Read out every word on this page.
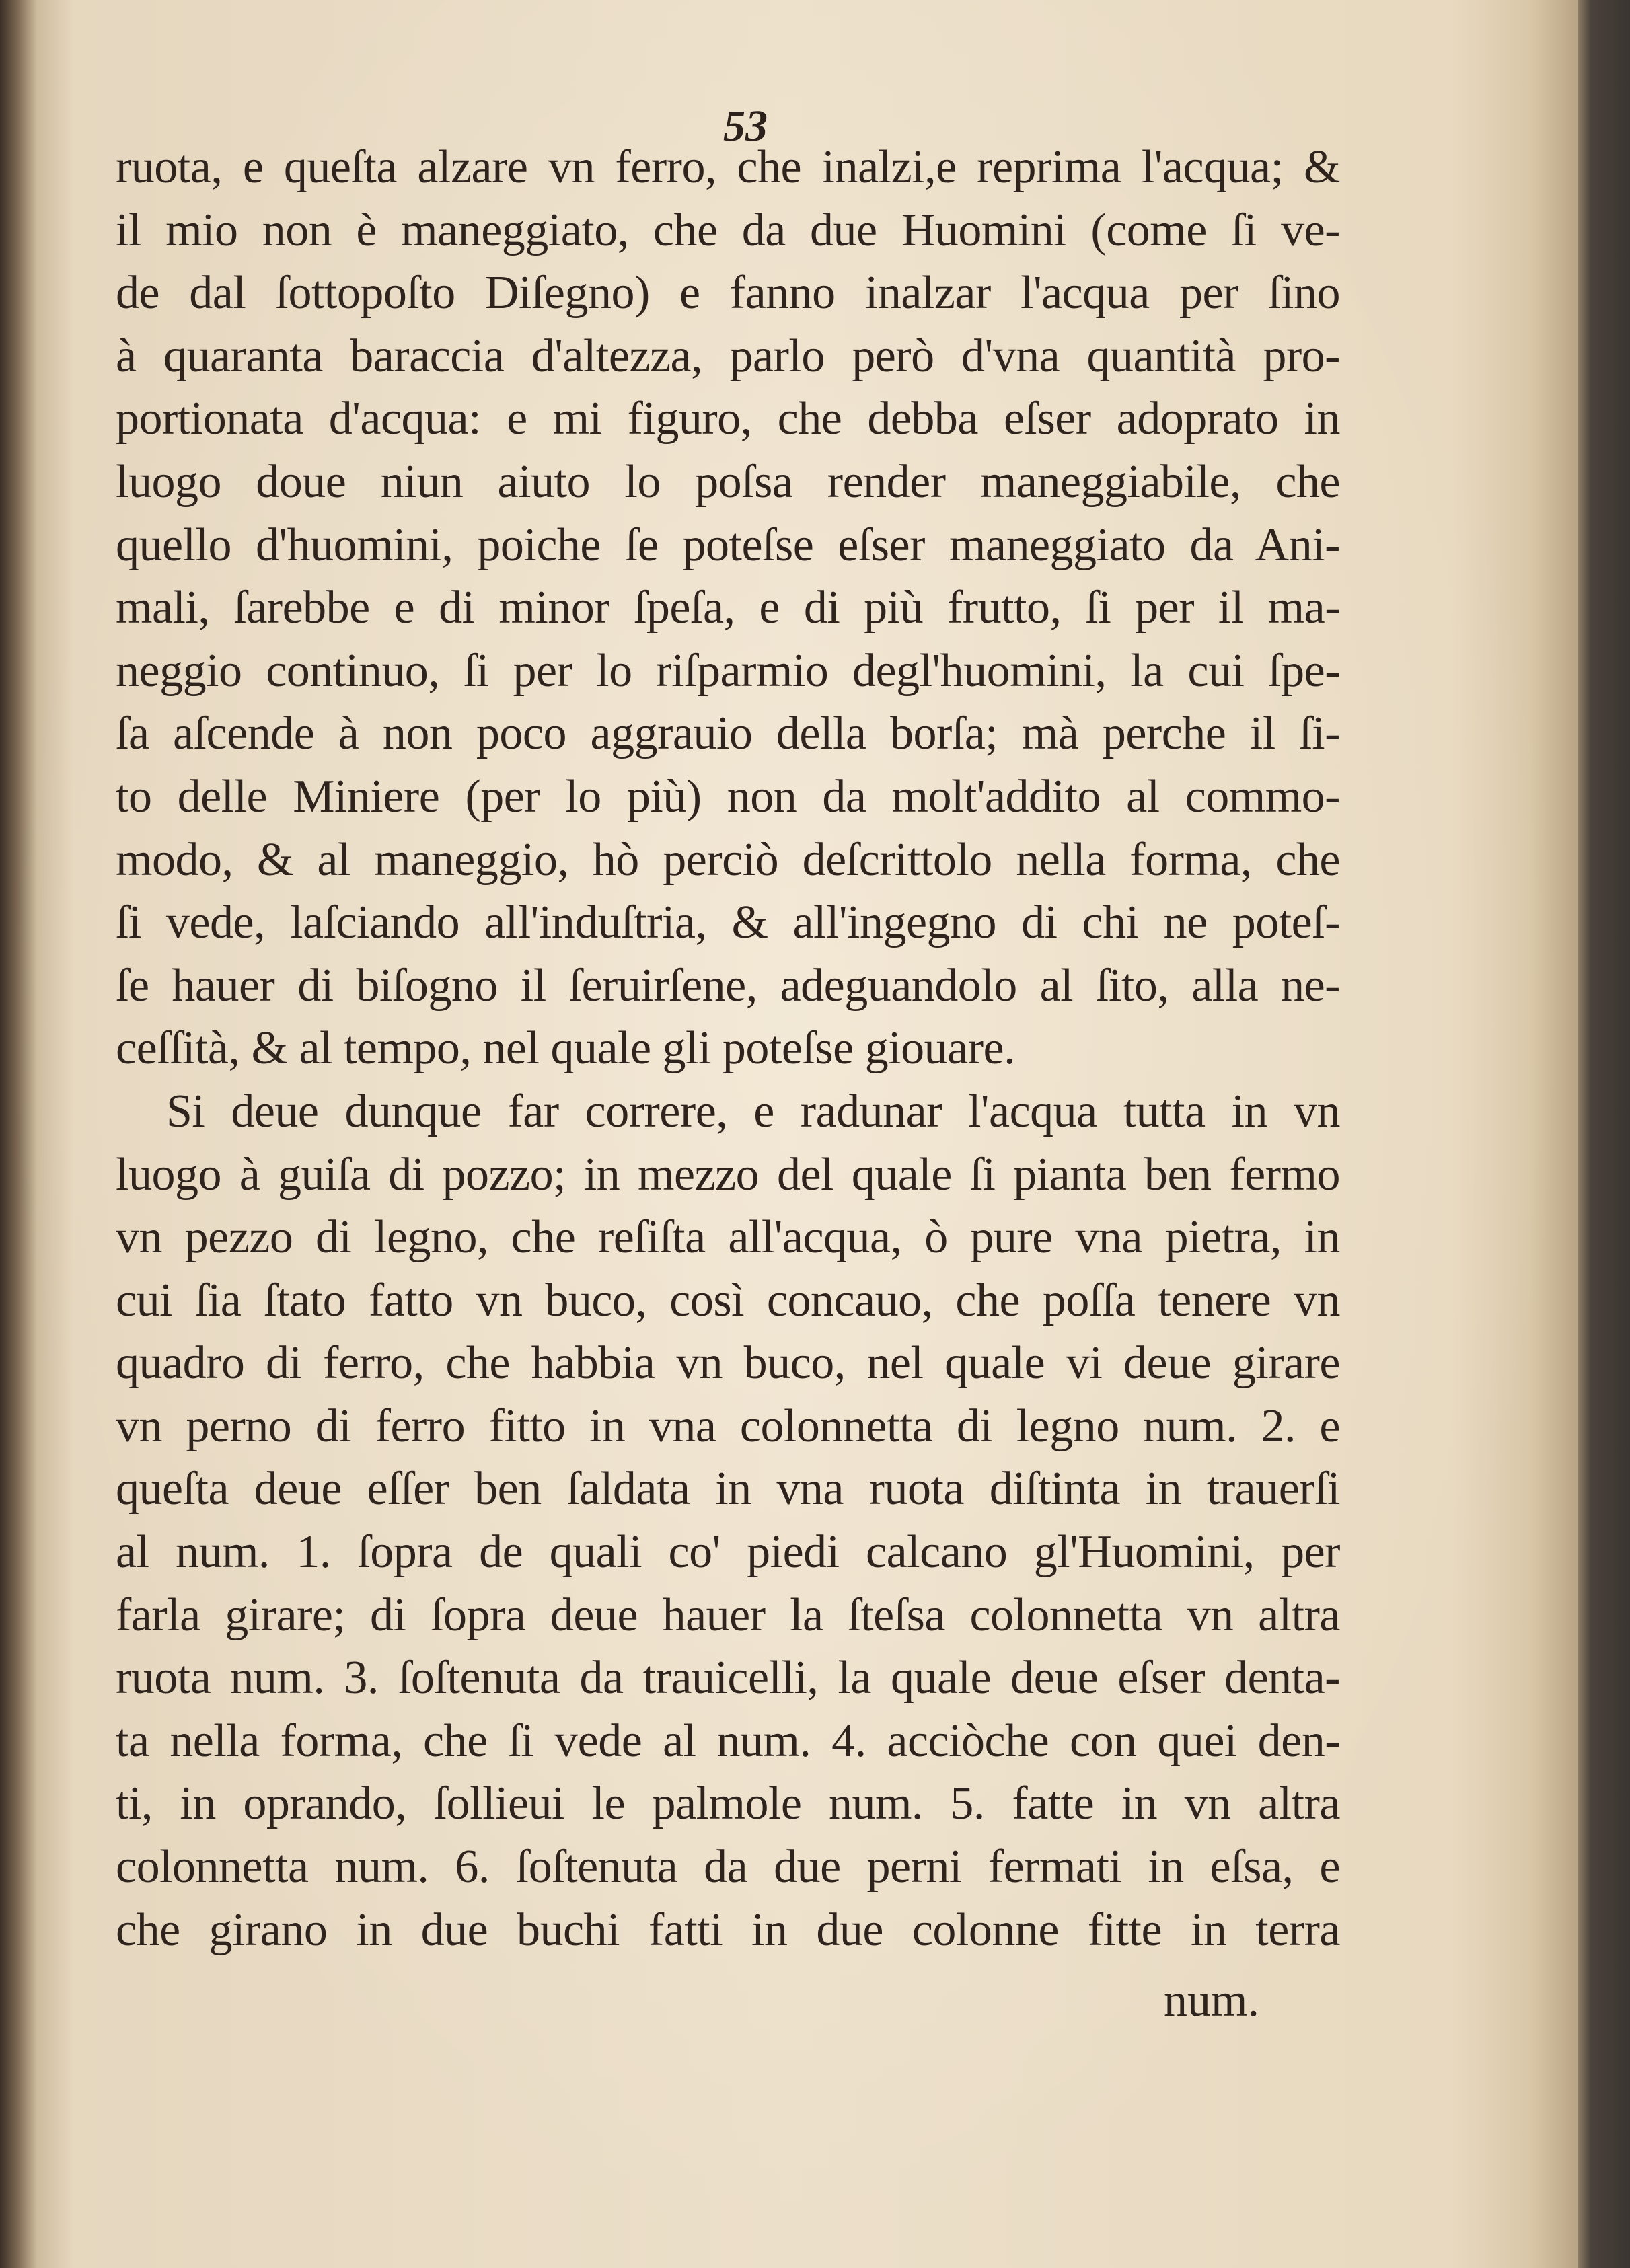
53
ruota, e queſta alzare vn ferro, che inalzi,e reprima l'acqua; &
il mio non è maneggiato, che da due Huomini (come ſi ve-
de dal ſottopoſto Diſegno) e fanno inalzar l'acqua per ſino
à quaranta baraccia d'altezza, parlo però d'vna quantità pro-
portionata d'acqua: e mi figuro, che debba eſser adoprato in
luogo doue niun aiuto lo poſsa render maneggiabile, che
quello d'huomini, poiche ſe poteſse eſser maneggiato da Ani-
mali, ſarebbe e di minor ſpeſa, e di più frutto, ſi per il ma-
neggio continuo, ſi per lo riſparmio degl'huomini, la cui ſpe-
ſa aſcende à non poco aggrauio della borſa; mà perche il ſi-
to delle Miniere (per lo più) non da molt'addito al commo-
modo, & al maneggio, hò perciò deſcrittolo nella forma, che
ſi vede, laſciando all'induſtria, & all'ingegno di chi ne poteſ-
ſe hauer di biſogno il ſeruirſene, adeguandolo al ſito, alla ne-
ceſſità, & al tempo, nel quale gli poteſse giouare.
Si deue dunque far correre, e radunar l'acqua tutta in vn
luogo à guiſa di pozzo; in mezzo del quale ſi pianta ben fermo
vn pezzo di legno, che reſiſta all'acqua, ò pure vna pietra, in
cui ſia ſtato fatto vn buco, così concauo, che poſſa tenere vn
quadro di ferro, che habbia vn buco, nel quale vi deue girare
vn perno di ferro fitto in vna colonnetta di legno num. 2. e
queſta deue eſſer ben ſaldata in vna ruota diſtinta in trauerſi
al num. 1. ſopra de quali co' piedi calcano gl'Huomini, per
farla girare; di ſopra deue hauer la ſteſsa colonnetta vn altra
ruota num. 3. ſoſtenuta da trauicelli, la quale deue eſser denta-
ta nella forma, che ſi vede al num. 4. acciòche con quei den-
ti, in oprando, ſollieui le palmole num. 5. fatte in vn altra
colonnetta num. 6. ſoſtenuta da due perni fermati in eſsa, e
che girano in due buchi fatti in due colonne fitte in terra
num.
